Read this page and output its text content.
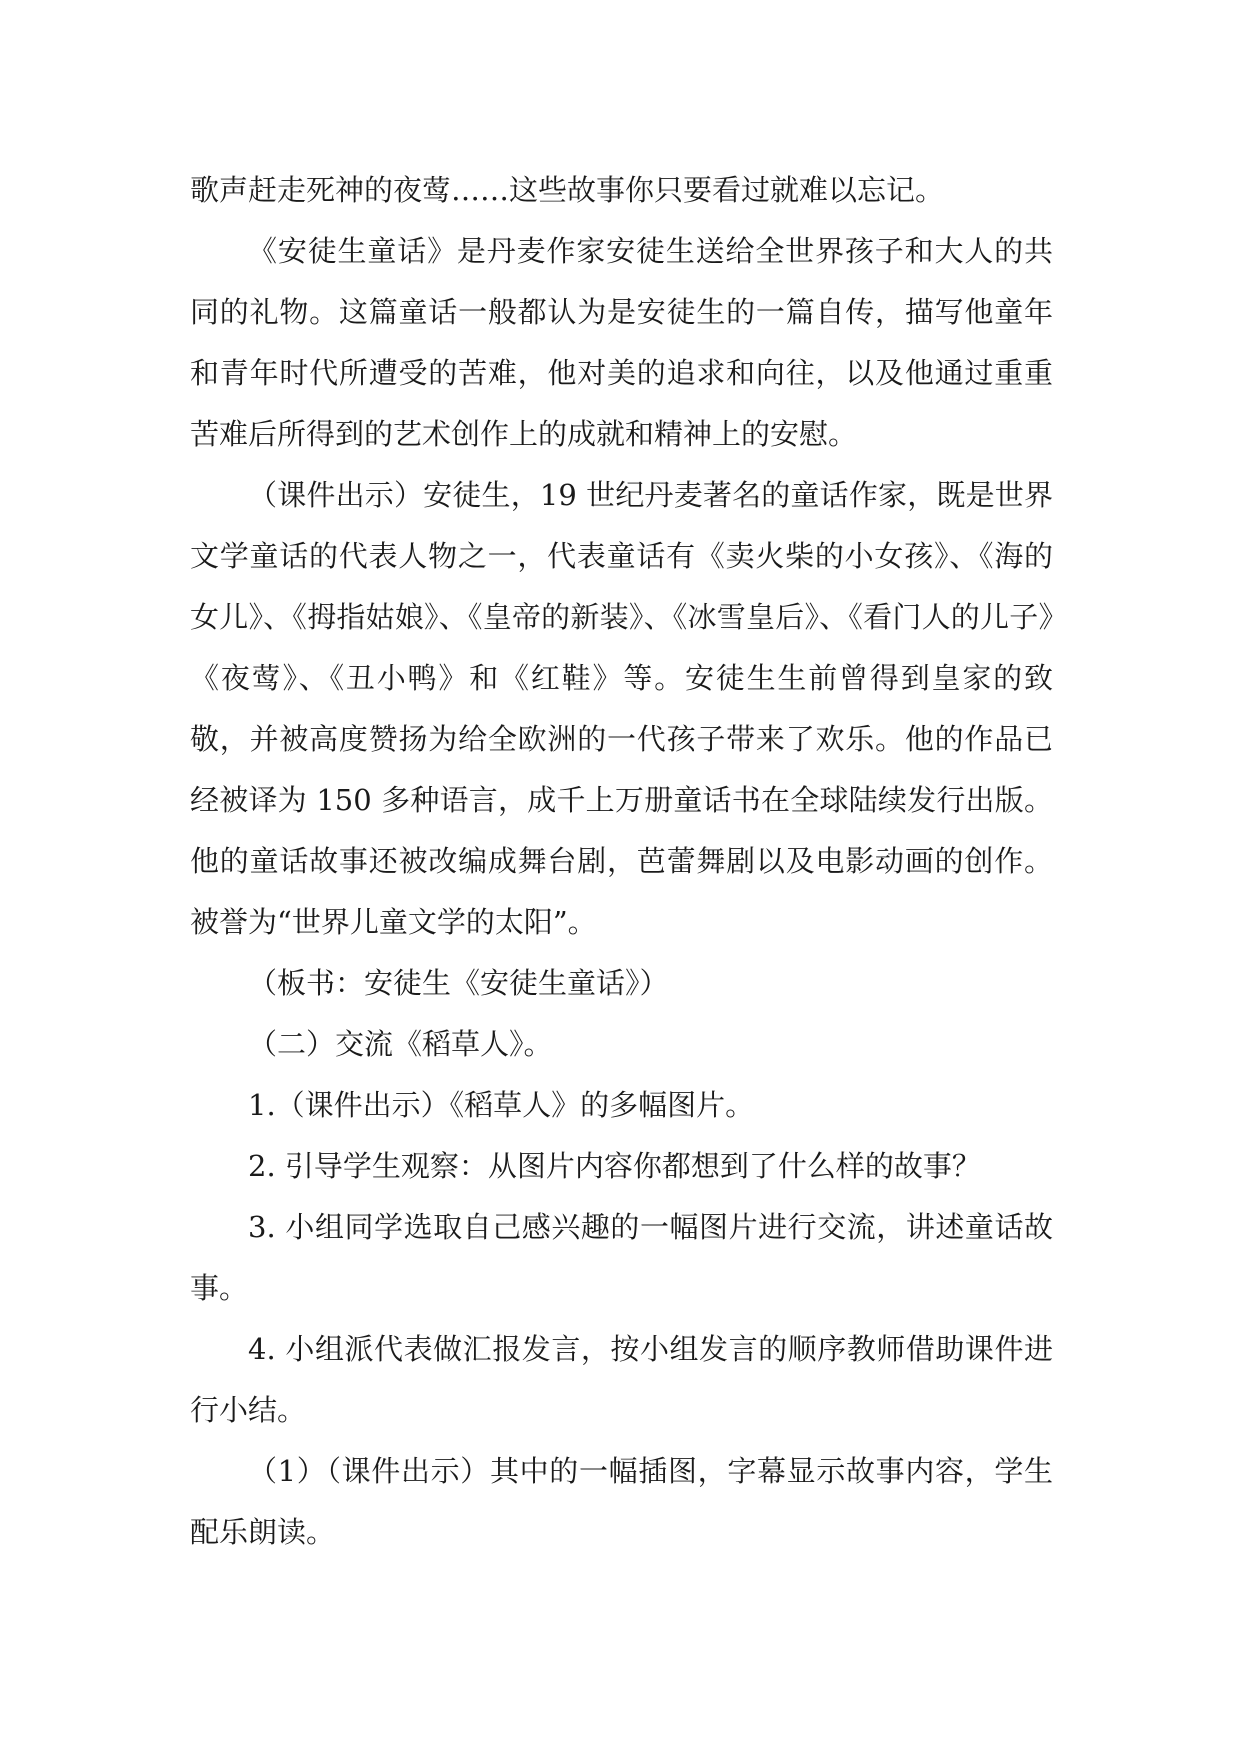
歌声赶走死神的夜莺……这些故事你只要看过就难以忘记。

《安徒生童话》是丹麦作家安徒生送给全世界孩子和大人的共同的礼物。这篇童话一般都认为是安徒生的一篇自传，描写他童年和青年时代所遭受的苦难，他对美的追求和向往，以及他通过重重苦难后所得到的艺术创作上的成就和精神上的安慰。

（课件出示）安徒生，19 世纪丹麦著名的童话作家，既是世界文学童话的代表人物之一，代表童话有《卖火柴的小女孩》、《海的女儿》、《拇指姑娘》、《皇帝的新装》、《冰雪皇后》、《看门人的儿子》《夜莺》、《丑小鸭》和《红鞋》等。安徒生生前曾得到皇家的致敬，并被高度赞扬为给全欧洲的一代孩子带来了欢乐。他的作品已经被译为 150 多种语言，成千上万册童话书在全球陆续发行出版。他的童话故事还被改编成舞台剧，芭蕾舞剧以及电影动画的创作。被誉为“世界儿童文学的太阳”。

（板书：安徒生《安徒生童话》）

（二）交流《稻草人》。

1.（课件出示）《稻草人》的多幅图片。

2. 引导学生观察：从图片内容你都想到了什么样的故事？

3. 小组同学选取自己感兴趣的一幅图片进行交流，讲述童话故事。

4. 小组派代表做汇报发言，按小组发言的顺序教师借助课件进行小结。

（1）（课件出示）其中的一幅插图，字幕显示故事内容，学生配乐朗读。
